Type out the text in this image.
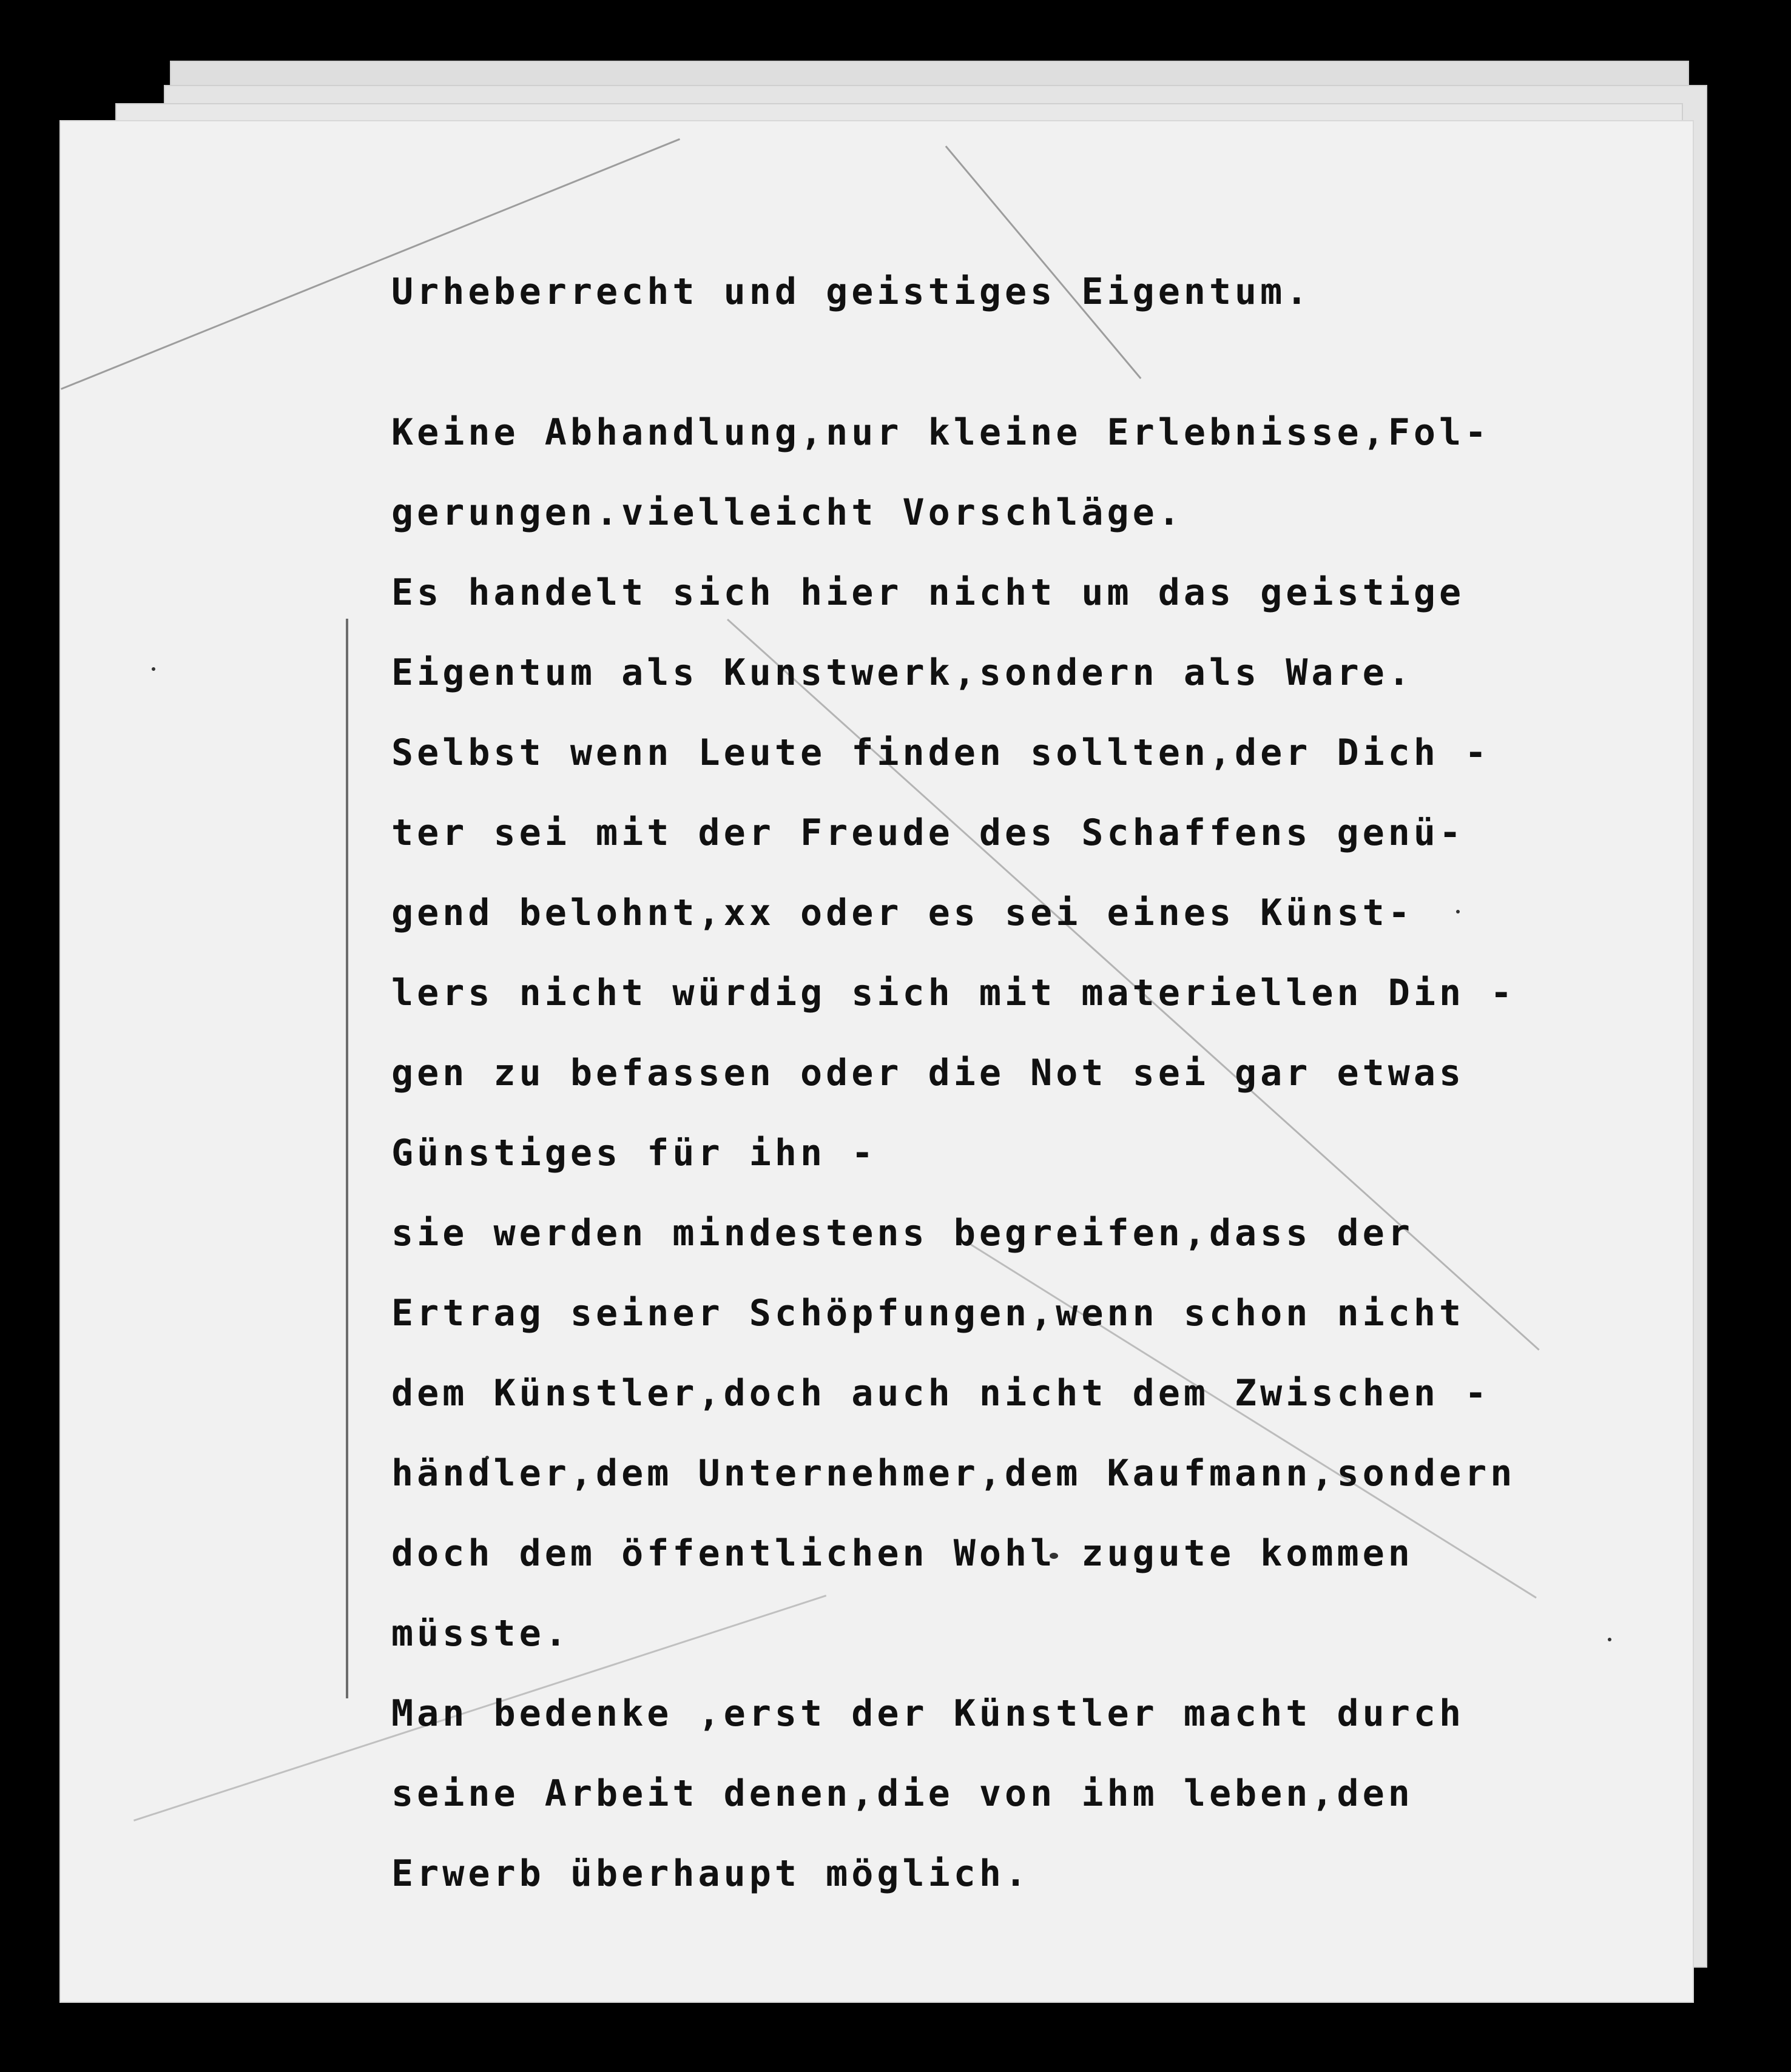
Urheberrecht und geistiges Eigentum.
Keine Abhandlung,nur kleine Erlebnisse,Fol-
gerungen.vielleicht Vorschläge.
Es handelt sich hier nicht um das geistige
Eigentum als Kunstwerk,sondern als Ware.
Selbst wenn Leute finden sollten,der Dich -
ter sei mit der Freude des Schaffens genü-
gend belohnt,xx oder es sei eines Künst-
lers nicht würdig sich mit materiellen Din -
gen zu befassen oder die Not sei gar etwas
Günstiges für ihn -
sie werden mindestens begreifen,dass der
Ertrag seiner Schöpfungen,wenn schon nicht
dem Künstler,doch auch nicht dem Zwischen -
händler,dem Unternehmer,dem Kaufmann,sondern
doch dem öffentlichen Wohl zugute kommen
müsste.
Man bedenke ,erst der Künstler macht durch
seine Arbeit denen,die von ihm leben,den
Erwerb überhaupt möglich.
